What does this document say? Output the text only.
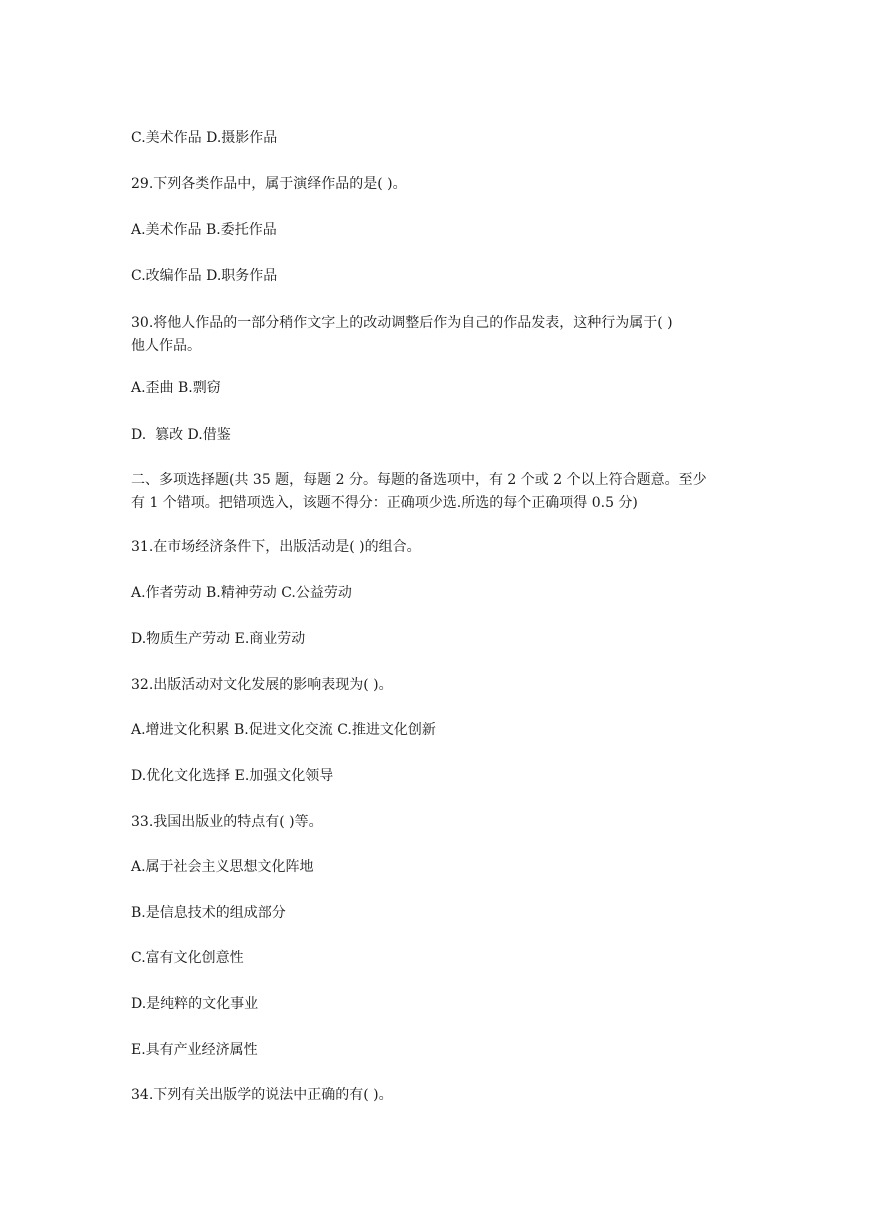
C.美术作品 D.摄影作品
29.下列各类作品中，属于演绎作品的是( )。
A.美术作品 B.委托作品
C.改编作品 D.职务作品
30.将他人作品的一部分稍作文字上的改动调整后作为自己的作品发表，这种行为属于( )
他人作品。
A.歪曲 B.剽窃
D.  篡改 D.借鉴
二、多项选择题(共 35 题，每题 2 分。每题的备选项中，有 2 个或 2 个以上符合题意。至少
有 1 个错项。把错项选入，该题不得分：正确项少选.所选的每个正确项得 0.5 分)
31.在市场经济条件下，出版活动是( )的组合。
A.作者劳动 B.精神劳动 C.公益劳动
D.物质生产劳动 E.商业劳动
32.出版活动对文化发展的影响表现为( )。
A.增进文化积累 B.促进文化交流 C.推进文化创新
D.优化文化选择 E.加强文化领导
33.我国出版业的特点有( )等。
A.属于社会主义思想文化阵地
B.是信息技术的组成部分
C.富有文化创意性
D.是纯粹的文化事业
E.具有产业经济属性
34.下列有关出版学的说法中正确的有( )。
